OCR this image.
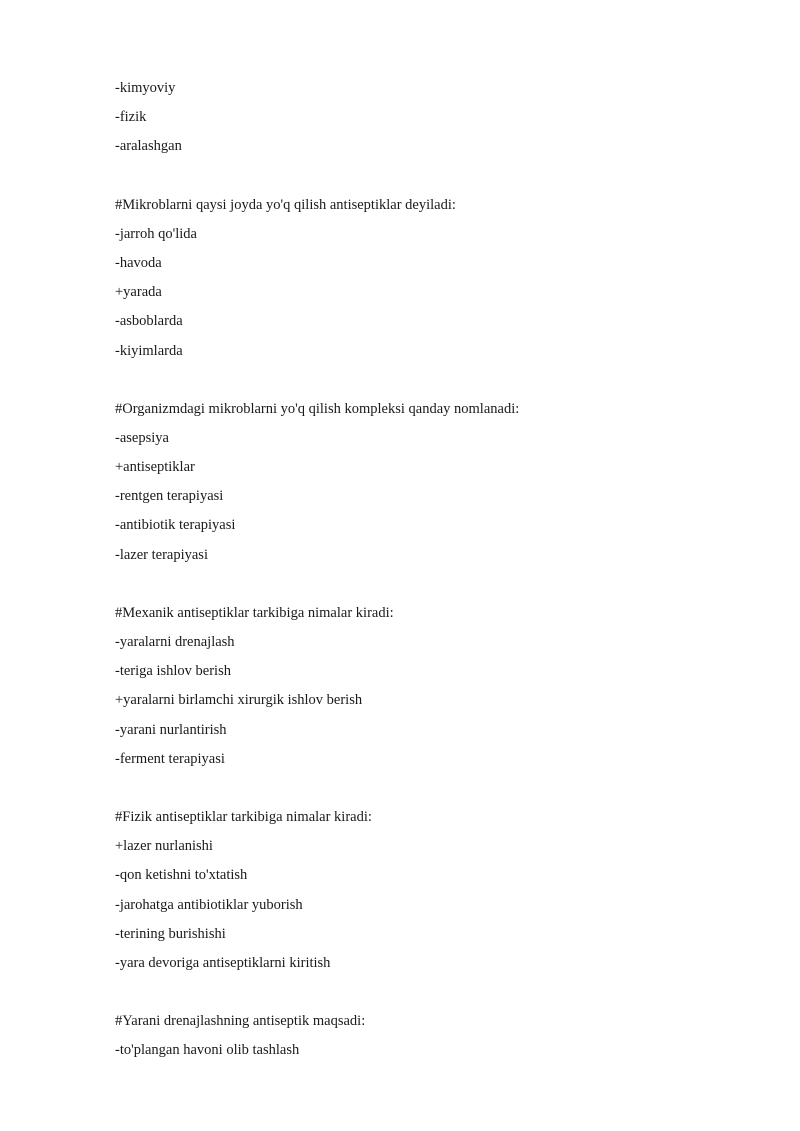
-kimyoviy
-fizik
-aralashgan
#Mikroblarni qaysi joyda yo'q qilish antiseptiklar deyiladi:
-jarroh qo'lida
-havoda
+yarada
-asboblarda
-kiyimlarda
#Organizmdagi mikroblarni yo'q qilish kompleksi qanday nomlanadi:
-asepsiya
+antiseptiklar
-rentgen terapiyasi
-antibiotik terapiyasi
-lazer terapiyasi
#Mexanik antiseptiklar tarkibiga nimalar kiradi:
-yaralarni drenajlash
-teriga ishlov berish
+yaralarni birlamchi xirurgik ishlov berish
-yarani nurlantirish
-ferment terapiyasi
#Fizik antiseptiklar tarkibiga nimalar kiradi:
+lazer nurlanishi
-qon ketishni to'xtatish
-jarohatga antibiotiklar yuborish
-terining burishishi
-yara devoriga antiseptiklarni kiritish
#Yarani drenajlashning antiseptik maqsadi:
-to'plangan havoni olib tashlash
